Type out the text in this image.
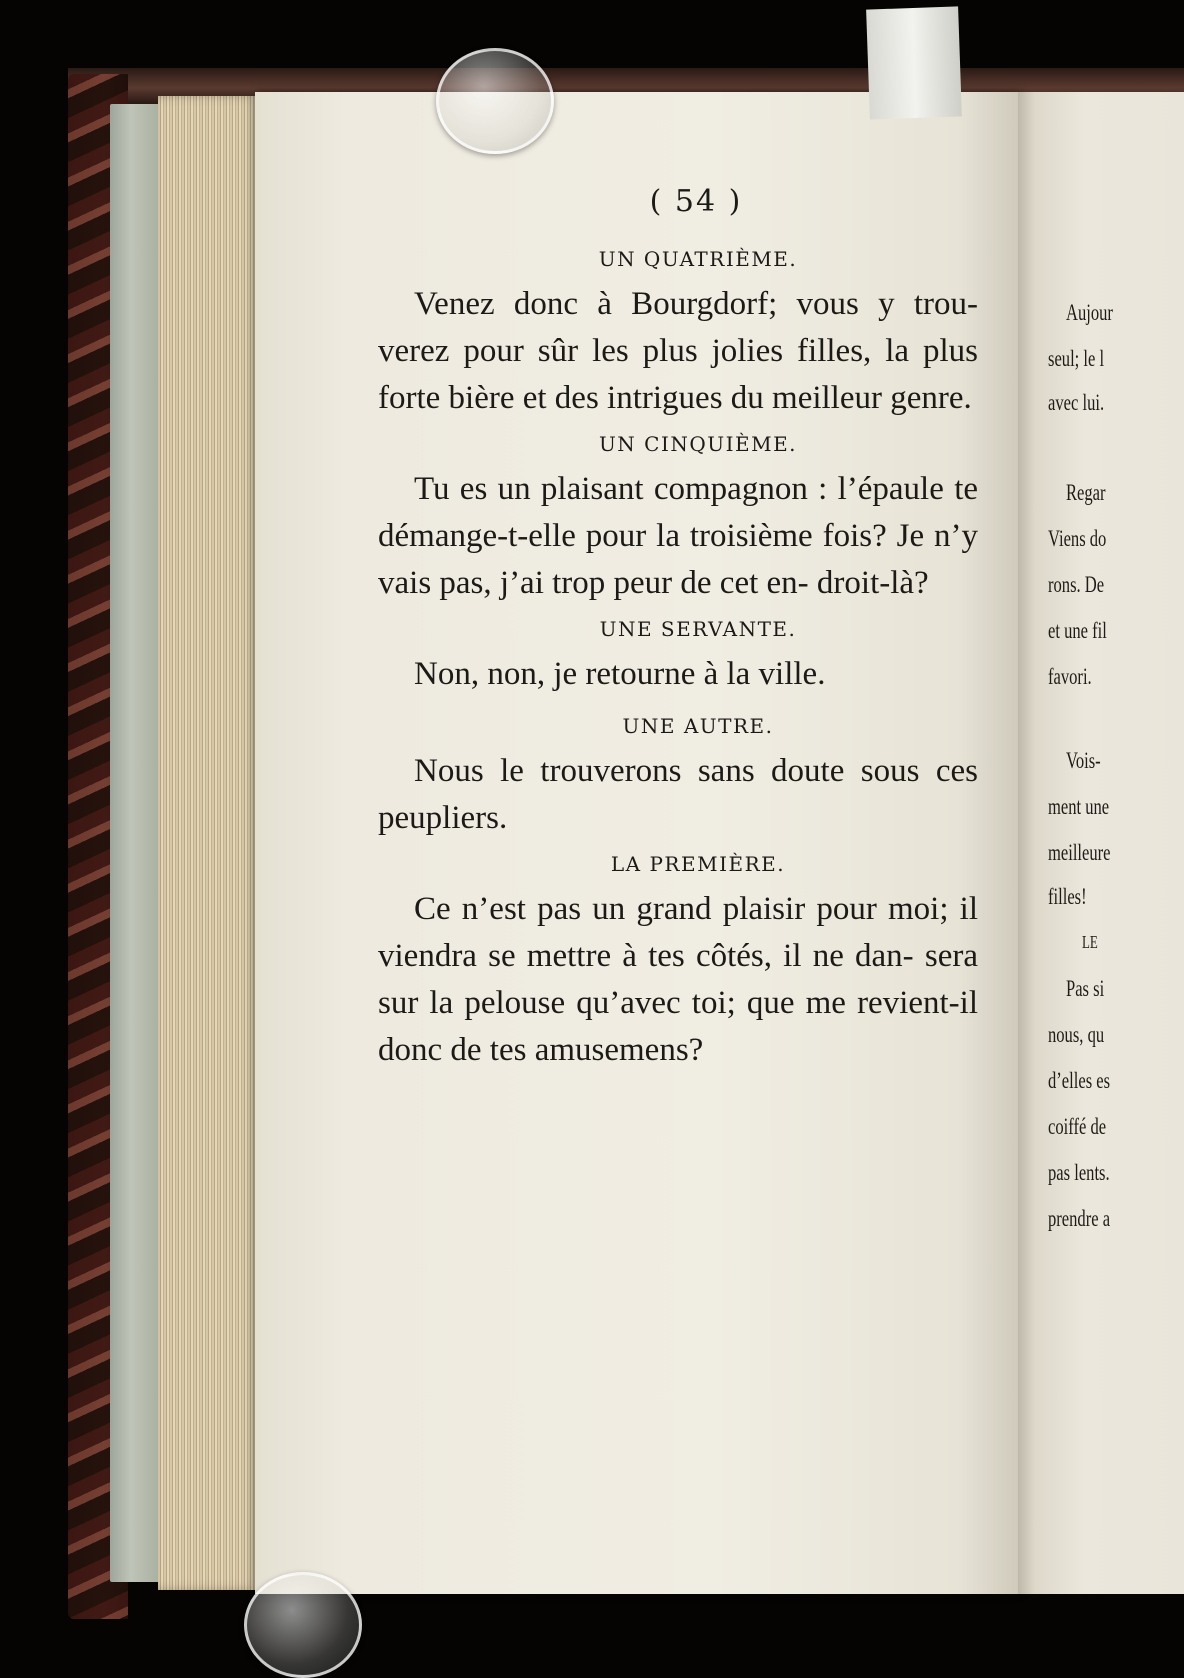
Aujour
seul; le l
avec lui.
Regar
Viens do
rons. De
et une fil
favori.
Vois-
ment une
meilleure
filles!
LE
Pas si
nous, qu
d’elles es
coiffé de
pas lents.
prendre a
( 54 )
UN QUATRIÈME.
Venez donc à Bourgdorf; vous y trou- verez pour sûr les plus jolies filles, la plus forte bière et des intrigues du meilleur genre.
UN CINQUIÈME.
Tu es un plaisant compagnon : l’épaule te démange-t-elle pour la troisième fois? Je n’y vais pas, j’ai trop peur de cet en- droit-là?
UNE SERVANTE.
Non, non, je retourne à la ville.
UNE AUTRE.
Nous le trouverons sans doute sous ces peupliers.
LA PREMIÈRE.
Ce n’est pas un grand plaisir pour moi; il viendra se mettre à tes côtés, il ne dan- sera sur la pelouse qu’avec toi; que me revient-il donc de tes amusemens?
